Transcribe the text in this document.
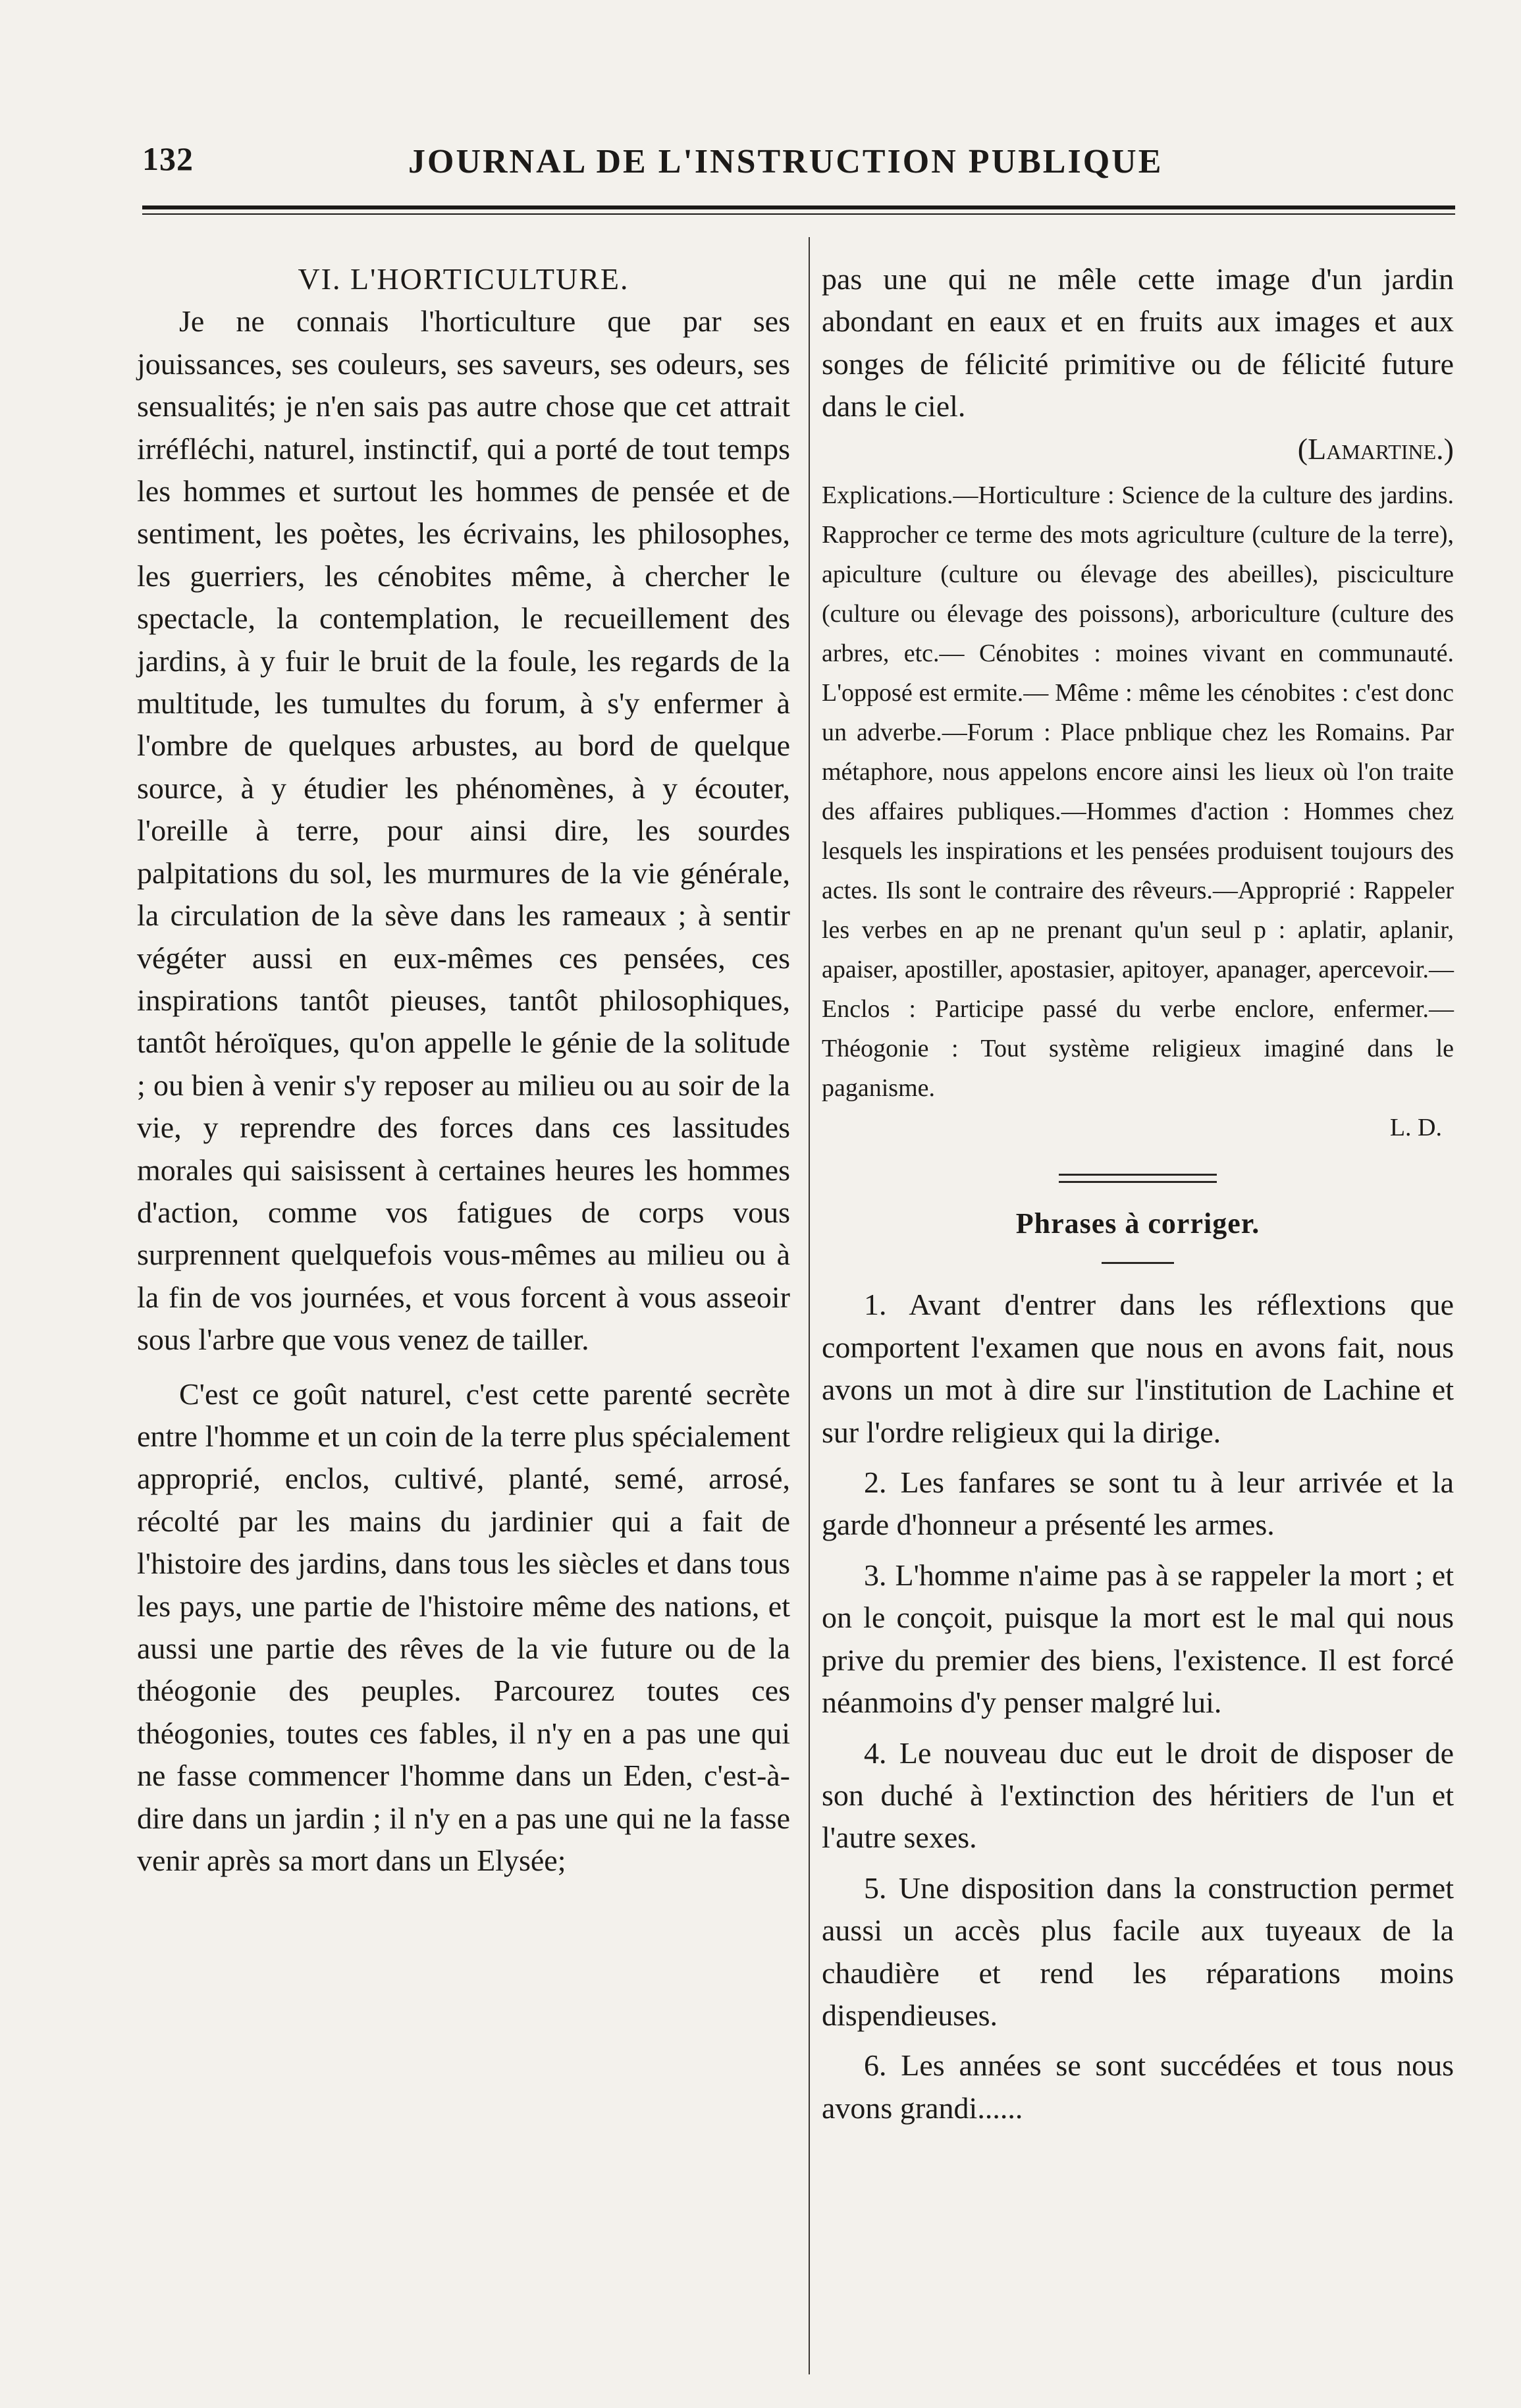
132	JOURNAL DE L'INSTRUCTION PUBLIQUE
VI. L'HORTICULTURE.

Je ne connais l'horticulture que par ses jouissances, ses couleurs, ses saveurs, ses odeurs, ses sensualités; je n'en sais pas autre chose que cet attrait irréfléchi, naturel, instinctif, qui a porté de tout temps les hommes et surtout les hommes de pensée et de sentiment, les poètes, les écrivains, les philosophes, les guerriers, les cénobites même, à chercher le spectacle, la contemplation, le recueillement des jardins, à y fuir le bruit de la foule, les regards de la multitude, les tumultes du forum, à s'y enfermer à l'ombre de quelques arbustes, au bord de quelque source, à y étudier les phénomènes, à y écouter, l'oreille à terre, pour ainsi dire, les sourdes palpitations du sol, les murmures de la vie générale, la circulation de la sève dans les rameaux ; à sentir végéter aussi en eux-mêmes ces pensées, ces inspirations tantôt pieuses, tantôt philosophiques, tantôt héroïques, qu'on appelle le génie de la solitude ; ou bien à venir s'y reposer au milieu ou au soir de la vie, y reprendre des forces dans ces lassitudes morales qui saisissent à certaines heures les hommes d'action, comme vos fatigues de corps vous surprennent quelquefois vous-mêmes au milieu ou à la fin de vos journées, et vous forcent à vous asseoir sous l'arbre que vous venez de tailler.

C'est ce goût naturel, c'est cette parenté secrète entre l'homme et un coin de la terre plus spécialement approprié, enclos, cultivé, planté, semé, arrosé, récolté par les mains du jardinier qui a fait de l'histoire des jardins, dans tous les siècles et dans tous les pays, une partie de l'histoire même des nations, et aussi une partie des rêves de la vie future ou de la théogonie des peuples. Parcourez toutes ces théogonies, toutes ces fables, il n'y en a pas une qui ne fasse commencer l'homme dans un Eden, c'est-à-dire dans un jardin ; il n'y en a pas une qui ne la fasse venir après sa mort dans un Elysée;

pas une qui ne mêle cette image d'un jardin abondant en eaux et en fruits aux images et aux songes de félicité primitive ou de félicité future dans le ciel.

(Lamartine.)

Explications.—Horticulture : Science de la culture des jardins. Rapprocher ce terme des mots agriculture (culture de la terre), apiculture (culture ou élevage des abeilles), pisciculture (culture ou élevage des poissons), arboriculture (culture des arbres, etc.— Cénobites : moines vivant en communauté. L'opposé est ermite.— Même : même les cénobites : c'est donc un adverbe.—Forum : Place pnblique chez les Romains. Par métaphore, nous appelons encore ainsi les lieux où l'on traite des affaires publiques.—Hommes d'action : Hommes chez lesquels les inspirations et les pensées produisent toujours des actes. Ils sont le contraire des rêveurs.—Approprié : Rappeler les verbes en ap ne prenant qu'un seul p : aplatir, aplanir, apaiser, apostiller, apostasier, apitoyer, apanager, apercevoir.—Enclos : Participe passé du verbe enclore, enfermer.—Théogonie : Tout système religieux imaginé dans le paganisme.

L. D.
Phrases à corriger.

1. Avant d'entrer dans les réflextions que comportent l'examen que nous en avons fait, nous avons un mot à dire sur l'institution de Lachine et sur l'ordre religieux qui la dirige.

2. Les fanfares se sont tu à leur arrivée et la garde d'honneur a présenté les armes.

3. L'homme n'aime pas à se rappeler la mort ; et on le conçoit, puisque la mort est le mal qui nous prive du premier des biens, l'existence. Il est forcé néanmoins d'y penser malgré lui.

4. Le nouveau duc eut le droit de disposer de son duché à l'extinction des héritiers de l'un et l'autre sexes.

5. Une disposition dans la construction permet aussi un accès plus facile aux tuyeaux de la chaudière et rend les réparations moins dispendieuses.

6. Les années se sont succédées et tous nous avons grandi......
